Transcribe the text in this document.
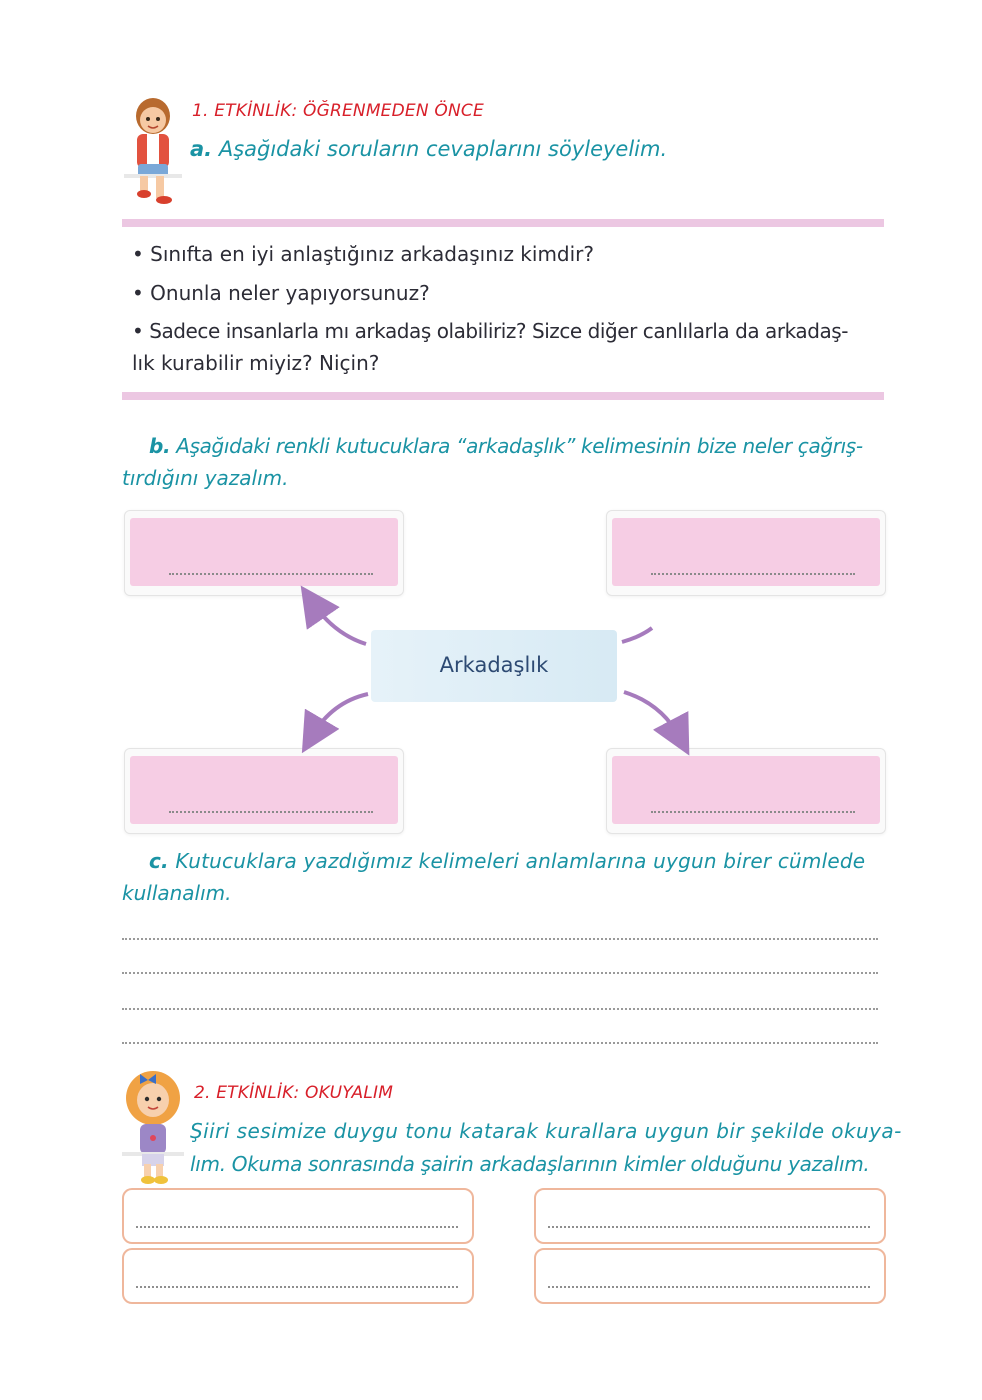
1. ETKİNLİK: ÖĞRENMEDEN ÖNCE
a. Aşağıdaki soruların cevaplarını söyleyelim.
• Sınıfta en iyi anlaştığınız arkadaşınız kimdir?
• Onunla neler yapıyorsunuz?
• Sadece insanlarla mı arkadaş olabiliriz? Sizce diğer canlılarla da arkadaş-
lık kurabilir miyiz? Niçin?
b. Aşağıdaki renkli kutucuklara “arkadaşlık” kelimesinin bize neler çağrış-
tırdığını yazalım.
Arkadaşlık
c. Kutucuklara yazdığımız kelimeleri anlamlarına uygun birer cümlede
kullanalım.
2. ETKİNLİK: OKUYALIM
Şiiri sesimize duygu tonu katarak kurallara uygun bir şekilde okuya-
lım. Okuma sonrasında şairin arkadaşlarının kimler olduğunu yazalım.
